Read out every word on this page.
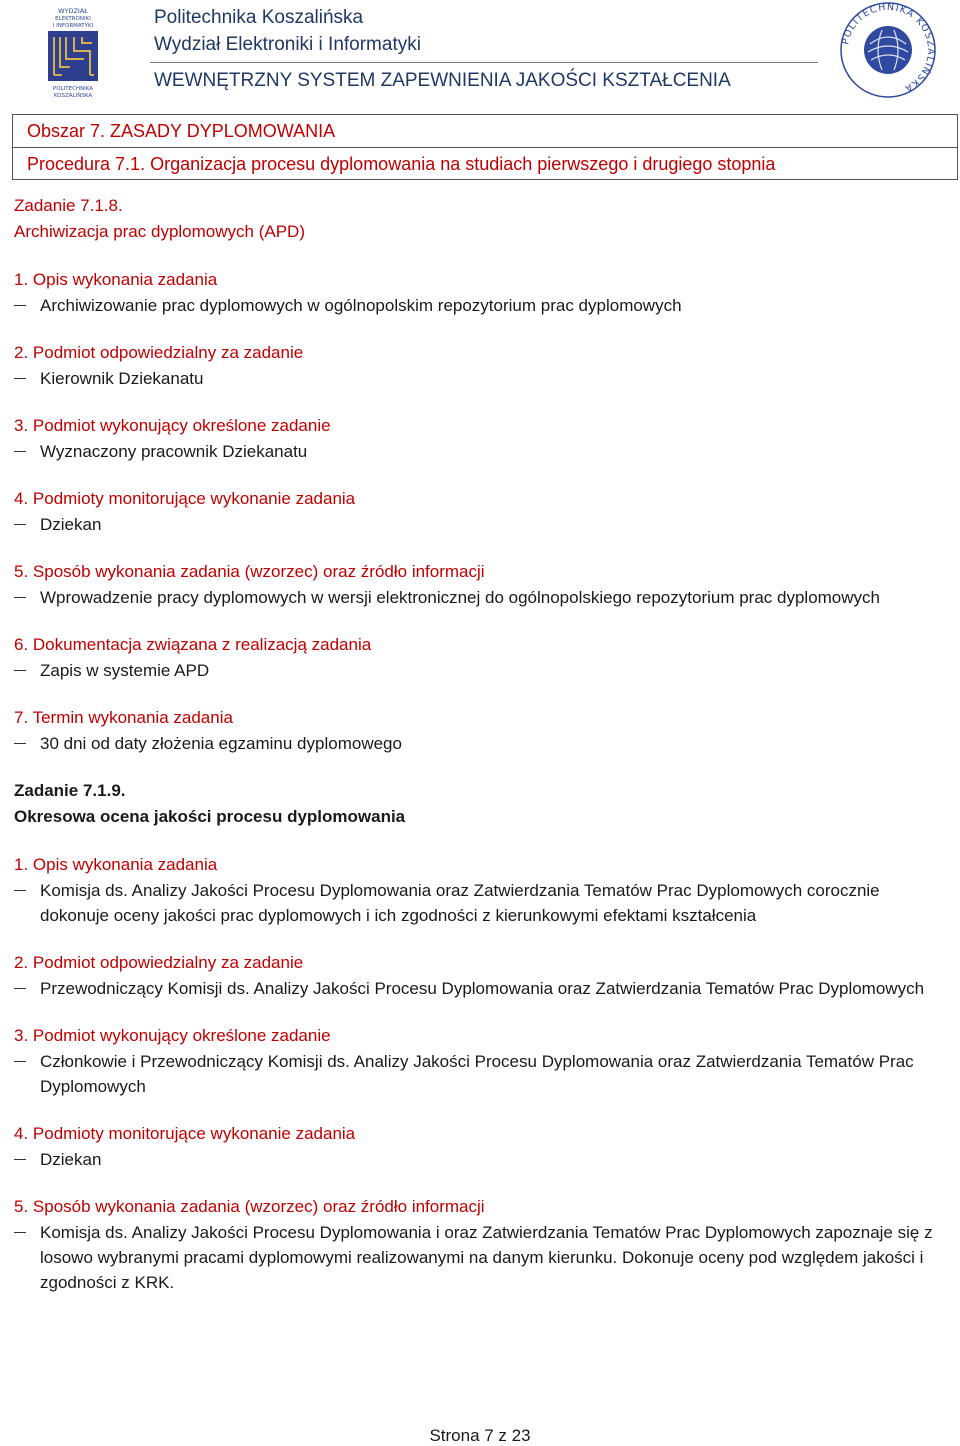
WYDZIAŁ
ELEKTRONIKI
I INFORMATYKI
POLITECHNIKA
KOSZALIŃSKA
Politechnika Koszalińska
Wydział Elektroniki i Informatyki
WEWNĘTRZNY SYSTEM ZAPEWNIENIA JAKOŚCI KSZTAŁCENIA
POLITECHNIKA KOSZALIŃSKA
Obszar 7. ZASADY DYPLOMOWANIA
Procedura 7.1. Organizacja procesu dyplomowania na studiach pierwszego i drugiego stopnia
Zadanie 7.1.8.
Archiwizacja prac dyplomowych (APD)
1. Opis wykonania zadania
Archiwizowanie prac dyplomowych w ogólnopolskim repozytorium prac dyplomowych
2. Podmiot odpowiedzialny za zadanie
Kierownik Dziekanatu
3. Podmiot wykonujący określone zadanie
Wyznaczony pracownik Dziekanatu
4. Podmioty monitorujące wykonanie zadania
Dziekan
5. Sposób wykonania zadania (wzorzec) oraz źródło informacji
Wprowadzenie pracy dyplomowych w wersji elektronicznej do ogólnopolskiego repozytorium prac dyplomowych
6. Dokumentacja związana z realizacją zadania
Zapis w systemie APD
7. Termin wykonania zadania
30 dni od daty złożenia egzaminu dyplomowego
Zadanie 7.1.9.
Okresowa ocena jakości procesu dyplomowania
1. Opis wykonania zadania
Komisja ds. Analizy Jakości Procesu Dyplomowania oraz Zatwierdzania Tematów Prac Dyplomowych corocznie dokonuje oceny jakości prac dyplomowych i ich zgodności z kierunkowymi efektami kształcenia
2. Podmiot odpowiedzialny za zadanie
Przewodniczący Komisji ds. Analizy Jakości Procesu Dyplomowania oraz Zatwierdzania Tematów Prac Dyplomowych
3. Podmiot wykonujący określone zadanie
Członkowie i Przewodniczący Komisji ds. Analizy Jakości Procesu Dyplomowania oraz Zatwierdzania Tematów Prac Dyplomowych
4. Podmioty monitorujące wykonanie zadania
Dziekan
5. Sposób wykonania zadania (wzorzec) oraz źródło informacji
Komisja ds. Analizy Jakości Procesu Dyplomowania i oraz Zatwierdzania Tematów Prac Dyplomowych zapoznaje się z losowo wybranymi pracami dyplomowymi realizowanymi na danym kierunku. Dokonuje oceny pod względem jakości i zgodności z KRK.
Strona 7 z 23
